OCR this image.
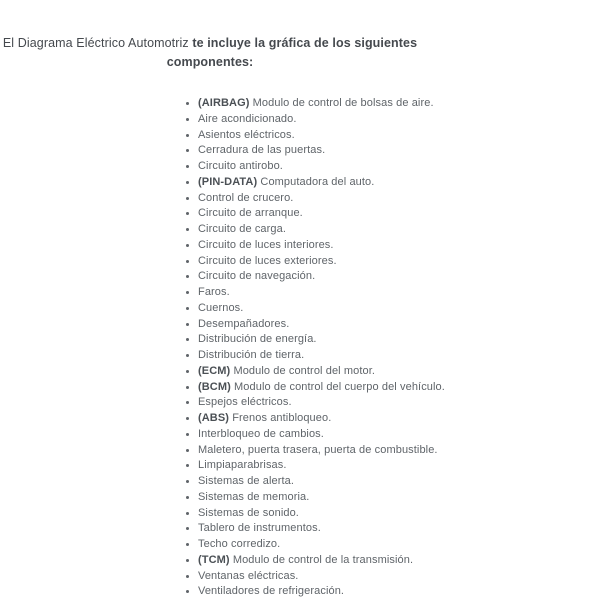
El Diagrama Eléctrico Automotriz te incluye la gráfica de los siguientes componentes:
(AIRBAG) Modulo de control de bolsas de aire.
Aire acondicionado.
Asientos eléctricos.
Cerradura de las puertas.
Circuito antirobo.
(PIN-DATA) Computadora del auto.
Control de crucero.
Circuito de arranque.
Circuito de carga.
Circuito de luces interiores.
Circuito de luces exteriores.
Circuito de navegación.
Faros.
Cuernos.
Desempañadores.
Distribución de energía.
Distribución de tierra.
(ECM) Modulo de control del motor.
(BCM) Modulo de control del cuerpo del vehículo.
Espejos eléctricos.
(ABS) Frenos antibloqueo.
Interbloqueo de cambios.
Maletero, puerta trasera, puerta de combustible.
Limpiaparabrisas.
Sistemas de alerta.
Sistemas de memoria.
Sistemas de sonido.
Tablero de instrumentos.
Techo corredizo.
(TCM) Modulo de control de la transmisión.
Ventanas eléctricas.
Ventiladores de refrigeración.
